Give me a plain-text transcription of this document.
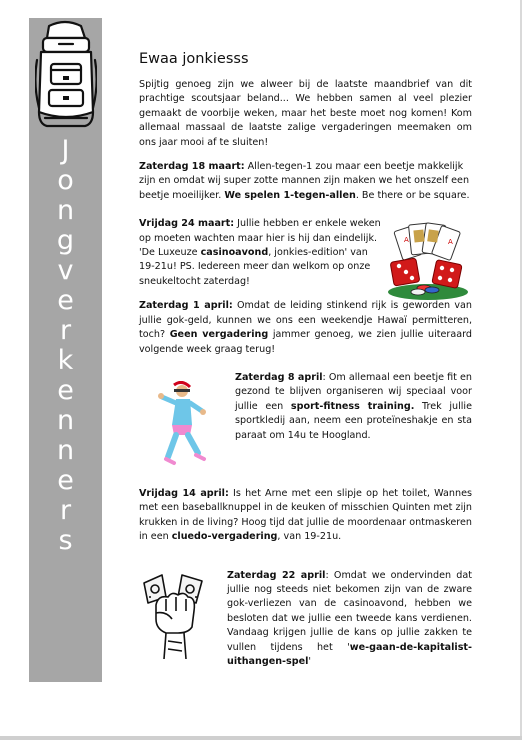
J
o
n
g
v
e
r
k
e
n
n
e
r
s
A	A
Ewaa jonkiesss

Spijtig genoeg zijn we alweer bij de laatste maandbrief van dit prachtige scoutsjaar beland... We hebben samen al veel plezier gemaakt de voorbije weken, maar het beste moet nog komen! Kom allemaal massaal de laatste zalige vergaderingen meemaken om ons jaar mooi af te sluiten!

Zaterdag 18 maart: Allen-tegen-1 zou maar een beetje makkelijk zijn en omdat wij super zotte mannen zijn maken we het onszelf een beetje moeilijker. We spelen 1-tegen-allen. Be there or be square.

Vrijdag 24 maart: Jullie hebben er enkele weken op moeten wachten maar hier is hij dan eindelijk. 'De Luxeuze casinoavond, jonkies-edition' van 19-21u! PS. Iedereen meer dan welkom op onze sneukeltocht zaterdag!

Zaterdag 1 april: Omdat de leiding stinkend rijk is geworden van jullie gok-geld, kunnen we ons een weekendje Hawaï permitteren, toch? Geen vergadering jammer genoeg, we zien jullie uiteraard volgende week graag terug!

Zaterdag 8 april: Om allemaal een beetje fit en gezond te blijven organiseren wij speciaal voor jullie een sport-fitness training. Trek jullie sportkledij aan, neem een proteïneshakje en sta paraat om 14u te Hoogland.

Vrijdag 14 april: Is het Arne met een slipje op het toilet, Wannes met een baseballknuppel in de keuken of misschien Quinten met zijn krukken in de living? Hoog tijd dat jullie de moordenaar ontmaskeren in een cluedo-vergadering, van 19-21u.

Zaterdag 22 april: Omdat we ondervinden dat jullie nog steeds niet bekomen zijn van de zware gok-verliezen van de casinoavond, hebben we besloten dat we jullie een tweede kans verdienen. Vandaag krijgen jullie de kans op jullie zakken te vullen tijdens het 'we-gaan-de-kapitalist-uithangen-spel'
